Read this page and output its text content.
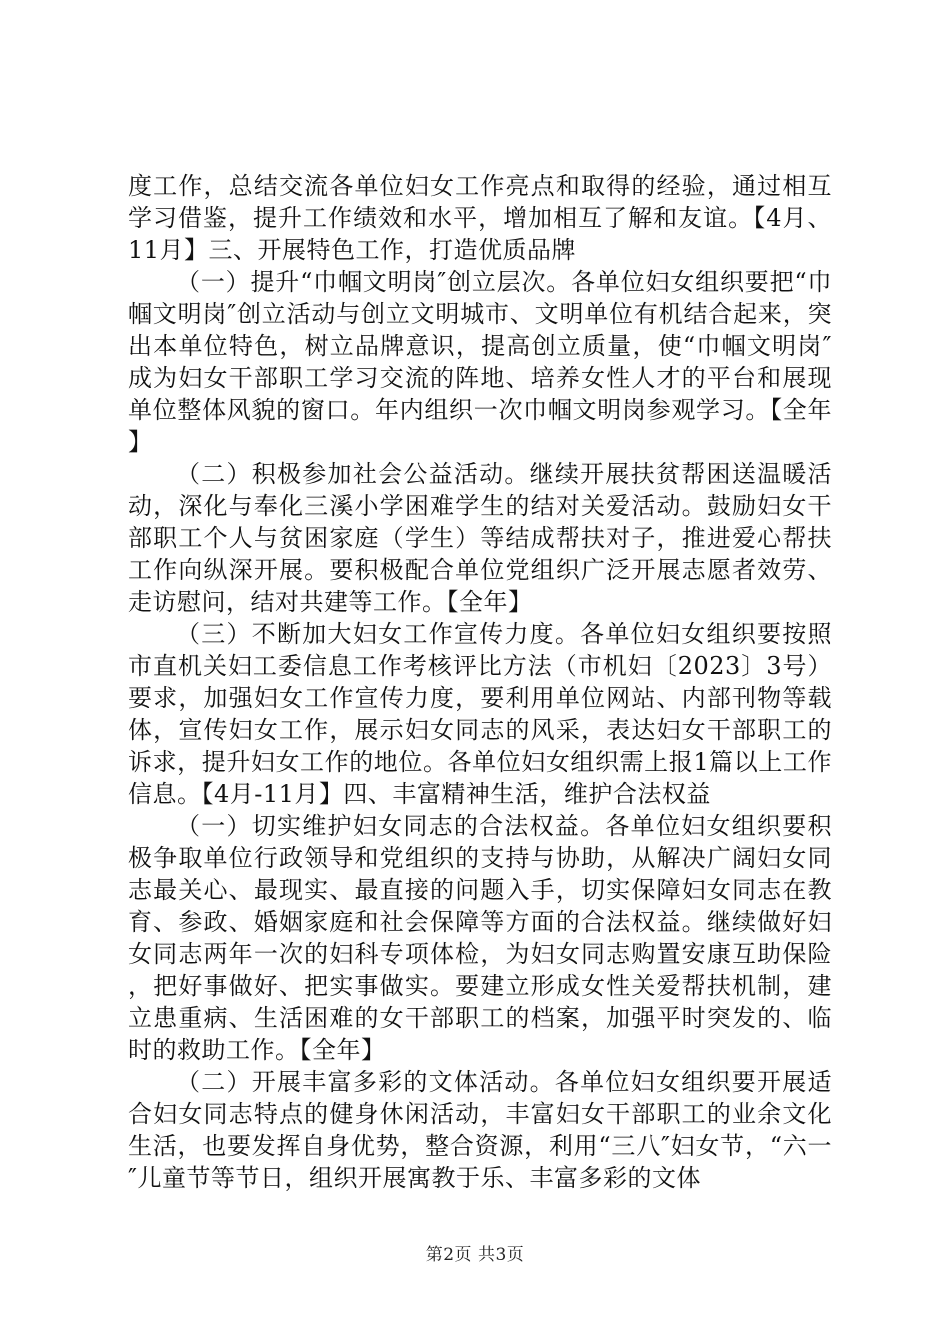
度工作，总结交流各单位妇女工作亮点和取得的经验，通过相互学习借鉴，提升工作绩效和水平，增加相互了解和友谊。【4月、11月】三、开展特色工作，打造优质品牌

（一）提升“巾帼文明岗″创立层次。各单位妇女组织要把“巾帼文明岗″创立活动与创立文明城市、文明单位有机结合起来，突出本单位特色，树立品牌意识，提高创立质量，使“巾帼文明岗″成为妇女干部职工学习交流的阵地、培养女性人才的平台和展现单位整体风貌的窗口。年内组织一次巾帼文明岗参观学习。【全年】

（二）积极参加社会公益活动。继续开展扶贫帮困送温暖活动，深化与奉化三溪小学困难学生的结对关爱活动。鼓励妇女干部职工个人与贫困家庭（学生）等结成帮扶对子，推进爱心帮扶工作向纵深开展。要积极配合单位党组织广泛开展志愿者效劳、走访慰问，结对共建等工作。【全年】

（三）不断加大妇女工作宣传力度。各单位妇女组织要按照市直机关妇工委信息工作考核评比方法（市机妇〔2023〕3号）要求，加强妇女工作宣传力度，要利用单位网站、内部刊物等载体，宣传妇女工作，展示妇女同志的风采，表达妇女干部职工的诉求，提升妇女工作的地位。各单位妇女组织需上报1篇以上工作信息。【4月-11月】四、丰富精神生活，维护合法权益

（一）切实维护妇女同志的合法权益。各单位妇女组织要积极争取单位行政领导和党组织的支持与协助，从解决广阔妇女同志最关心、最现实、最直接的问题入手，切实保障妇女同志在教育、参政、婚姻家庭和社会保障等方面的合法权益。继续做好妇女同志两年一次的妇科专项体检，为妇女同志购置安康互助保险，把好事做好、把实事做实。要建立形成女性关爱帮扶机制，建立患重病、生活困难的女干部职工的档案，加强平时突发的、临时的救助工作。【全年】

（二）开展丰富多彩的文体活动。各单位妇女组织要开展适合妇女同志特点的健身休闲活动，丰富妇女干部职工的业余文化生活，也要发挥自身优势，整合资源，利用“三八″妇女节，“六一″儿童节等节日，组织开展寓教于乐、丰富多彩的文体

第2页 共3页
